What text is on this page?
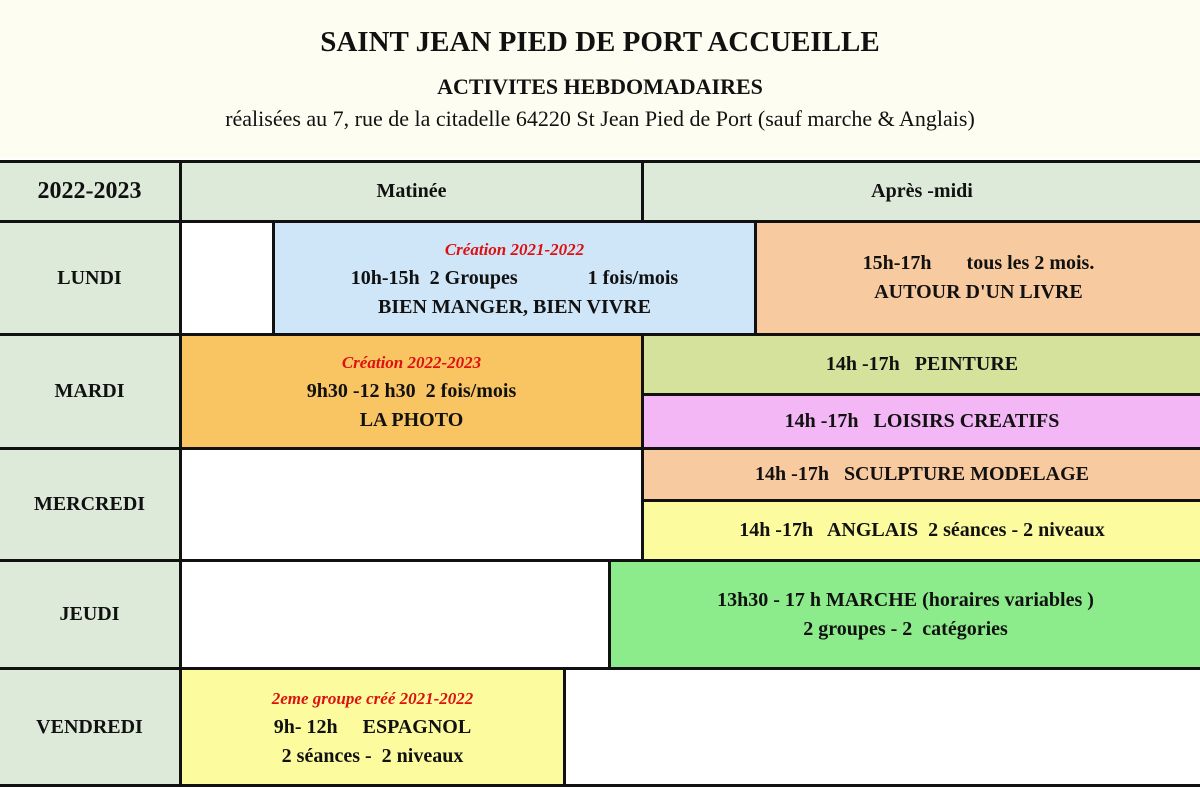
SAINT JEAN PIED DE PORT ACCUEILLE
ACTIVITES HEBDOMADAIRES
réalisées au 7, rue de la citadelle 64220 St Jean Pied de Port (sauf marche & Anglais)
2022-2023	Matinée	Après -midi
LUNDI
Création 2021-2022
10h-15h  2 Groupes              1 fois/mois
BIEN MANGER, BIEN VIVRE
15h-17h       tous les 2 mois.
AUTOUR D'UN LIVRE
MARDI
Création 2022-2023
9h30 -12 h30  2 fois/mois
LA PHOTO
14h -17h   PEINTURE
14h -17h   LOISIRS CREATIFS
MERCREDI
14h -17h   SCULPTURE MODELAGE
14h -17h   ANGLAIS  2 séances - 2 niveaux
JEUDI
13h30 - 17 h MARCHE (horaires variables )
2 groupes - 2  catégories
VENDREDI
2eme groupe créé 2021-2022
9h- 12h     ESPAGNOL
2 séances -  2 niveaux
